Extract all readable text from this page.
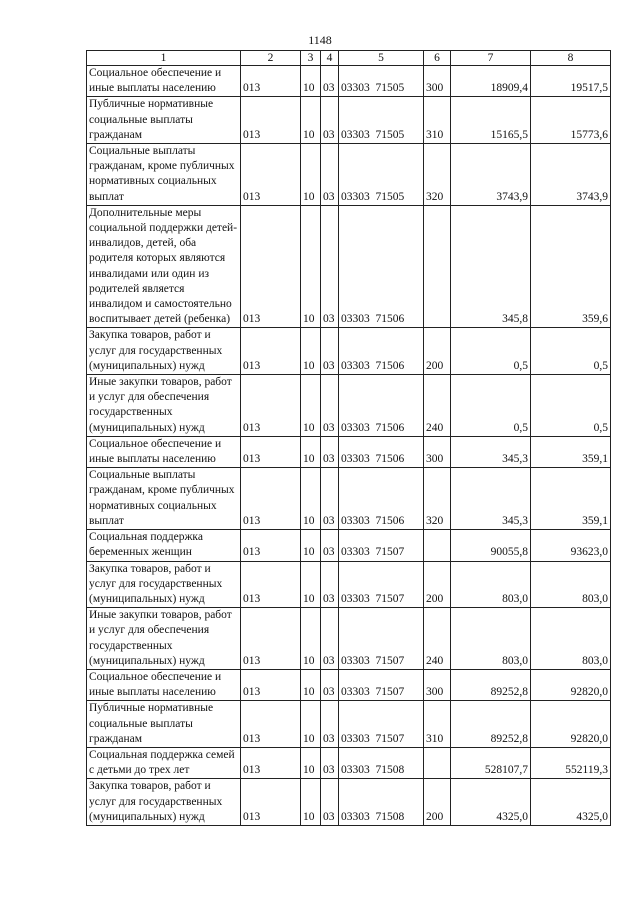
1148
1	2	3	4	5	6	7	8
Социальное обеспечение и иные выплаты населению	013	10	03	03303  71505	300	18909,4	19517,5
Публичные нормативные социальные выплаты гражданам	013	10	03	03303  71505	310	15165,5	15773,6
Социальные выплаты гражданам, кроме публичных нормативных социальных выплат	013	10	03	03303  71505	320	3743,9	3743,9
Дополнительные меры социальной поддержки детей-инвалидов, детей, оба родителя которых являются инвалидами или один из родителей является инвалидом и самостоятельно воспитывает детей (ребенка)	013	10	03	03303  71506		345,8	359,6
Закупка товаров, работ и услуг для государственных (муниципальных) нужд	013	10	03	03303  71506	200	0,5	0,5
Иные закупки товаров, работ и услуг для обеспечения государственных (муниципальных) нужд	013	10	03	03303  71506	240	0,5	0,5
Социальное обеспечение и иные выплаты населению	013	10	03	03303  71506	300	345,3	359,1
Социальные выплаты гражданам, кроме публичных нормативных социальных выплат	013	10	03	03303  71506	320	345,3	359,1
Социальная поддержка беременных женщин	013	10	03	03303  71507		90055,8	93623,0
Закупка товаров, работ и услуг для государственных (муниципальных) нужд	013	10	03	03303  71507	200	803,0	803,0
Иные закупки товаров, работ и услуг для обеспечения государственных (муниципальных) нужд	013	10	03	03303  71507	240	803,0	803,0
Социальное обеспечение и иные выплаты населению	013	10	03	03303  71507	300	89252,8	92820,0
Публичные нормативные социальные выплаты гражданам	013	10	03	03303  71507	310	89252,8	92820,0
Социальная поддержка семей с детьми до трех лет	013	10	03	03303  71508		528107,7	552119,3
Закупка товаров, работ и услуг для государственных (муниципальных) нужд	013	10	03	03303  71508	200	4325,0	4325,0
